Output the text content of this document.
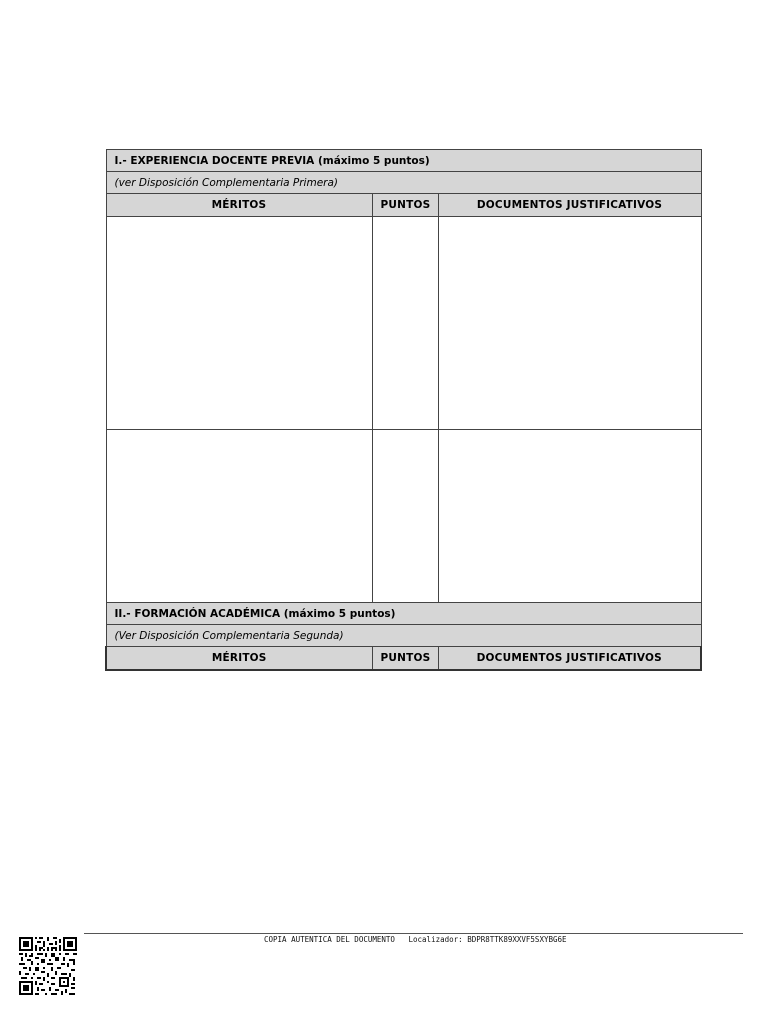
I.- EXPERIENCIA DOCENTE PREVIA (máximo 5 puntos)		
(ver Disposición Complementaria Primera)		
MÉRITOS	PUNTOS	DOCUMENTOS JUSTIFICATIVOS

II.- FORMACIÓN ACADÉMICA (máximo 5 puntos)		
(Ver Disposición Complementaria Segunda)		
MÉRITOS	PUNTOS	DOCUMENTOS JUSTIFICATIVOS
COPIA AUTENTICA DEL DOCUMENTO Localizador: BDPR8TTK89XXVF5SXYBG6E
